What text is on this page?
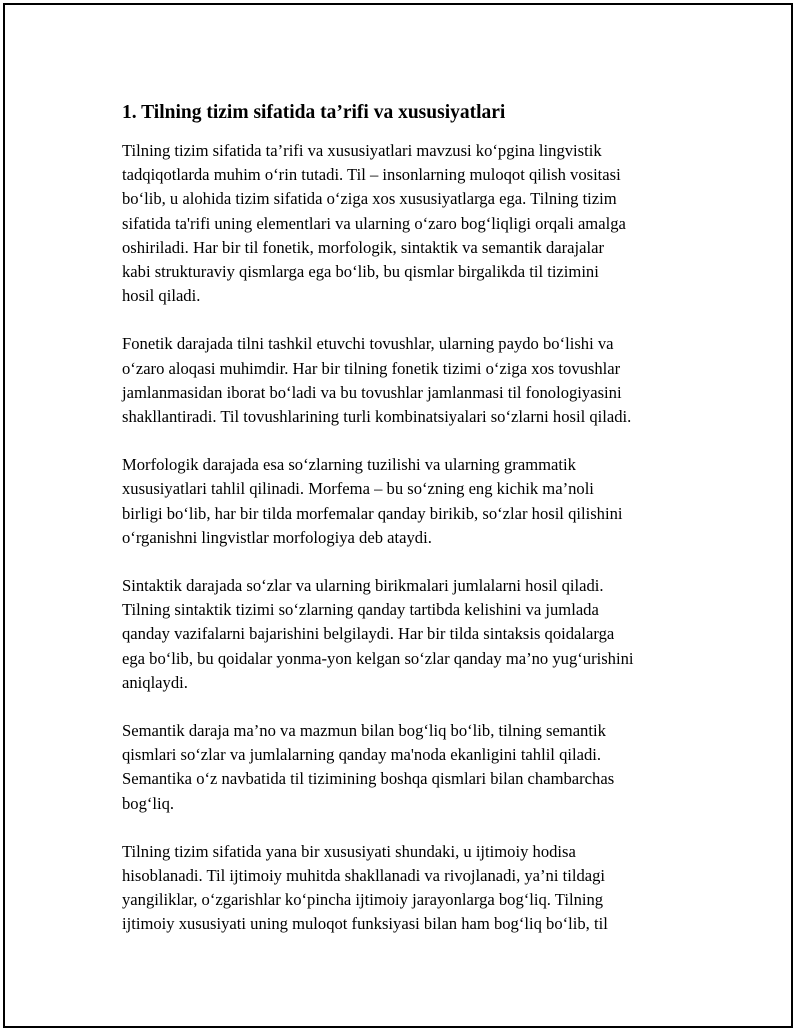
1. Tilning tizim sifatida ta’rifi va xususiyatlari

Tilning tizim sifatida ta’rifi va xususiyatlari mavzusi ko‘pgina lingvistik
tadqiqotlarda muhim o‘rin tutadi. Til – insonlarning muloqot qilish vositasi
bo‘lib, u alohida tizim sifatida o‘ziga xos xususiyatlarga ega. Tilning tizim
sifatida ta'rifi uning elementlari va ularning o‘zaro bog‘liqligi orqali amalga
oshiriladi. Har bir til fonetik, morfologik, sintaktik va semantik darajalar
kabi strukturaviy qismlarga ega bo‘lib, bu qismlar birgalikda til tizimini
hosil qiladi.

Fonetik darajada tilni tashkil etuvchi tovushlar, ularning paydo bo‘lishi va
o‘zaro aloqasi muhimdir. Har bir tilning fonetik tizimi o‘ziga xos tovushlar
jamlanmasidan iborat bo‘ladi va bu tovushlar jamlanmasi til fonologiyasini
shakllantiradi. Til tovushlarining turli kombinatsiyalari so‘zlarni hosil qiladi.

Morfologik darajada esa so‘zlarning tuzilishi va ularning grammatik
xususiyatlari tahlil qilinadi. Morfema – bu so‘zning eng kichik ma’noli
birligi bo‘lib, har bir tilda morfemalar qanday birikib, so‘zlar hosil qilishini
o‘rganishni lingvistlar morfologiya deb ataydi.

Sintaktik darajada so‘zlar va ularning birikmalari jumlalarni hosil qiladi.
Tilning sintaktik tizimi so‘zlarning qanday tartibda kelishini va jumlada
qanday vazifalarni bajarishini belgilaydi. Har bir tilda sintaksis qoidalarga
ega bo‘lib, bu qoidalar yonma-yon kelgan so‘zlar qanday ma’no yug‘urishini
aniqlaydi.

Semantik daraja ma’no va mazmun bilan bog‘liq bo‘lib, tilning semantik
qismlari so‘zlar va jumlalarning qanday ma'noda ekanligini tahlil qiladi.
Semantika o‘z navbatida til tizimining boshqa qismlari bilan chambarchas
bog‘liq.

Tilning tizim sifatida yana bir xususiyati shundaki, u ijtimoiy hodisa
hisoblanadi. Til ijtimoiy muhitda shakllanadi va rivojlanadi, ya’ni tildagi
yangiliklar, o‘zgarishlar ko‘pincha ijtimoiy jarayonlarga bog‘liq. Tilning
ijtimoiy xususiyati uning muloqot funksiyasi bilan ham bog‘liq bo‘lib, til
